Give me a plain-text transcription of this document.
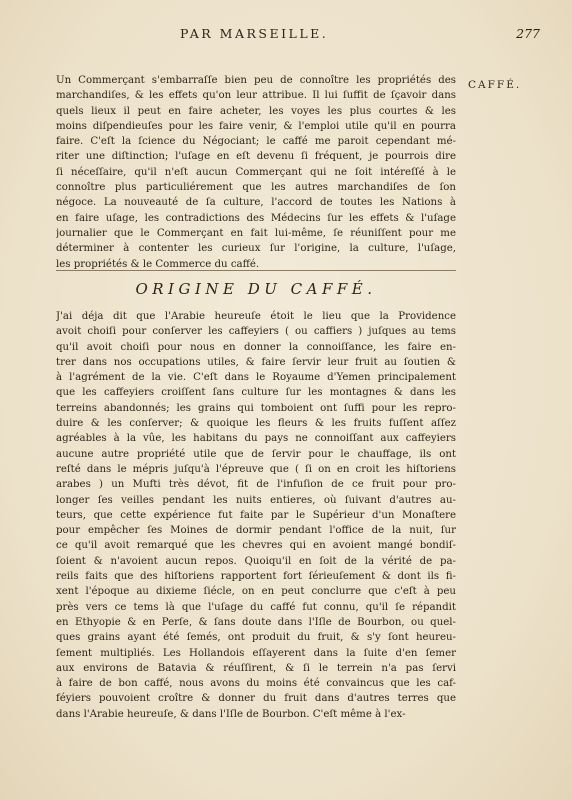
PAR MARSEILLE.	277
CAFFÉ.
Un Commerçant s'embarraſſe bien peu de connoître les propriétés des
marchandiſes, & les effets qu'on leur attribue. Il lui ſuffit de ſçavoir dans
quels lieux il peut en faire acheter, les voyes les plus courtes & les
moins diſpendieuſes pour les faire venir, & l'emploi utile qu'il en pourra
faire. C'eſt la ſcience du Négociant; le caffé me paroit cependant mé-
riter une diſtinction; l'uſage en eſt devenu ſi fréquent, je pourrois dire
ſi néceſſaire, qu'il n'eſt aucun Commerçant qui ne ſoit intéreſſé à le
connoître plus particuliérement que les autres marchandiſes de ſon
négoce. La nouveauté de ſa culture, l'accord de toutes les Nations à
en faire uſage, les contradictions des Médecins ſur les effets & l'uſage
journalier que le Commerçant en fait lui-même, ſe réuniſſent pour me
déterminer à contenter les curieux ſur l'origine, la culture, l'uſage,
les propriétés & le Commerce du caffé.
ORIGINE DU CAFFÉ.
J'ai déja dit que l'Arabie heureuſe étoit le lieu que la Providence
avoit choiſi pour conſerver les caffeyiers ( ou caffiers ) juſques au tems
qu'il avoit choiſi pour nous en donner la connoiſſance, les faire en-
trer dans nos occupations utiles, & faire ſervir leur fruit au ſoutien &
à l'agrément de la vie. C'eſt dans le Royaume d'Yemen principalement
que les caffeyiers croiſſent ſans culture ſur les montagnes & dans les
terreins abandonnés; les grains qui tomboient ont ſuffi pour les repro-
duire & les conſerver; & quoique les fleurs & les fruits fuſſent aſſez
agréables à la vûe, les habitans du pays ne connoiſſant aux caffeyiers
aucune autre propriété utile que de ſervir pour le chauffage, ils ont
reſté dans le mépris juſqu'à l'épreuve que ( ſi on en croit les hiſtoriens
arabes ) un Mufti très dévot, fit de l'infuſion de ce fruit pour pro-
longer ſes veilles pendant les nuits entieres, où ſuivant d'autres au-
teurs, que cette expérience fut faite par le Supérieur d'un Monaſtere
pour empêcher ſes Moines de dormir pendant l'office de la nuit, ſur
ce qu'il avoit remarqué que les chevres qui en avoient mangé bondiſ-
ſoient & n'avoient aucun repos. Quoiqu'il en ſoit de la vérité de pa-
reils faits que des hiſtoriens rapportent fort ſérieuſement & dont ils fi-
xent l'époque au dixieme ſiécle, on en peut conclurre que c'eſt à peu
près vers ce tems là que l'uſage du caffé fut connu, qu'il ſe répandit
en Ethyopie & en Perſe, & ſans doute dans l'Iſle de Bourbon, ou quel-
ques grains ayant été ſemés, ont produit du fruit, & s'y ſont heureu-
ſement multipliés. Les Hollandois eſſayerent dans la ſuite d'en ſemer
aux environs de Batavia & réuſſirent, & ſi le terrein n'a pas ſervi
à faire de bon caffé, nous avons du moins été convaincus que les caf-
féyiers pouvoient croître & donner du fruit dans d'autres terres que
dans l'Arabie heureuſe, & dans l'Iſle de Bourbon. C'eſt même à l'ex-
